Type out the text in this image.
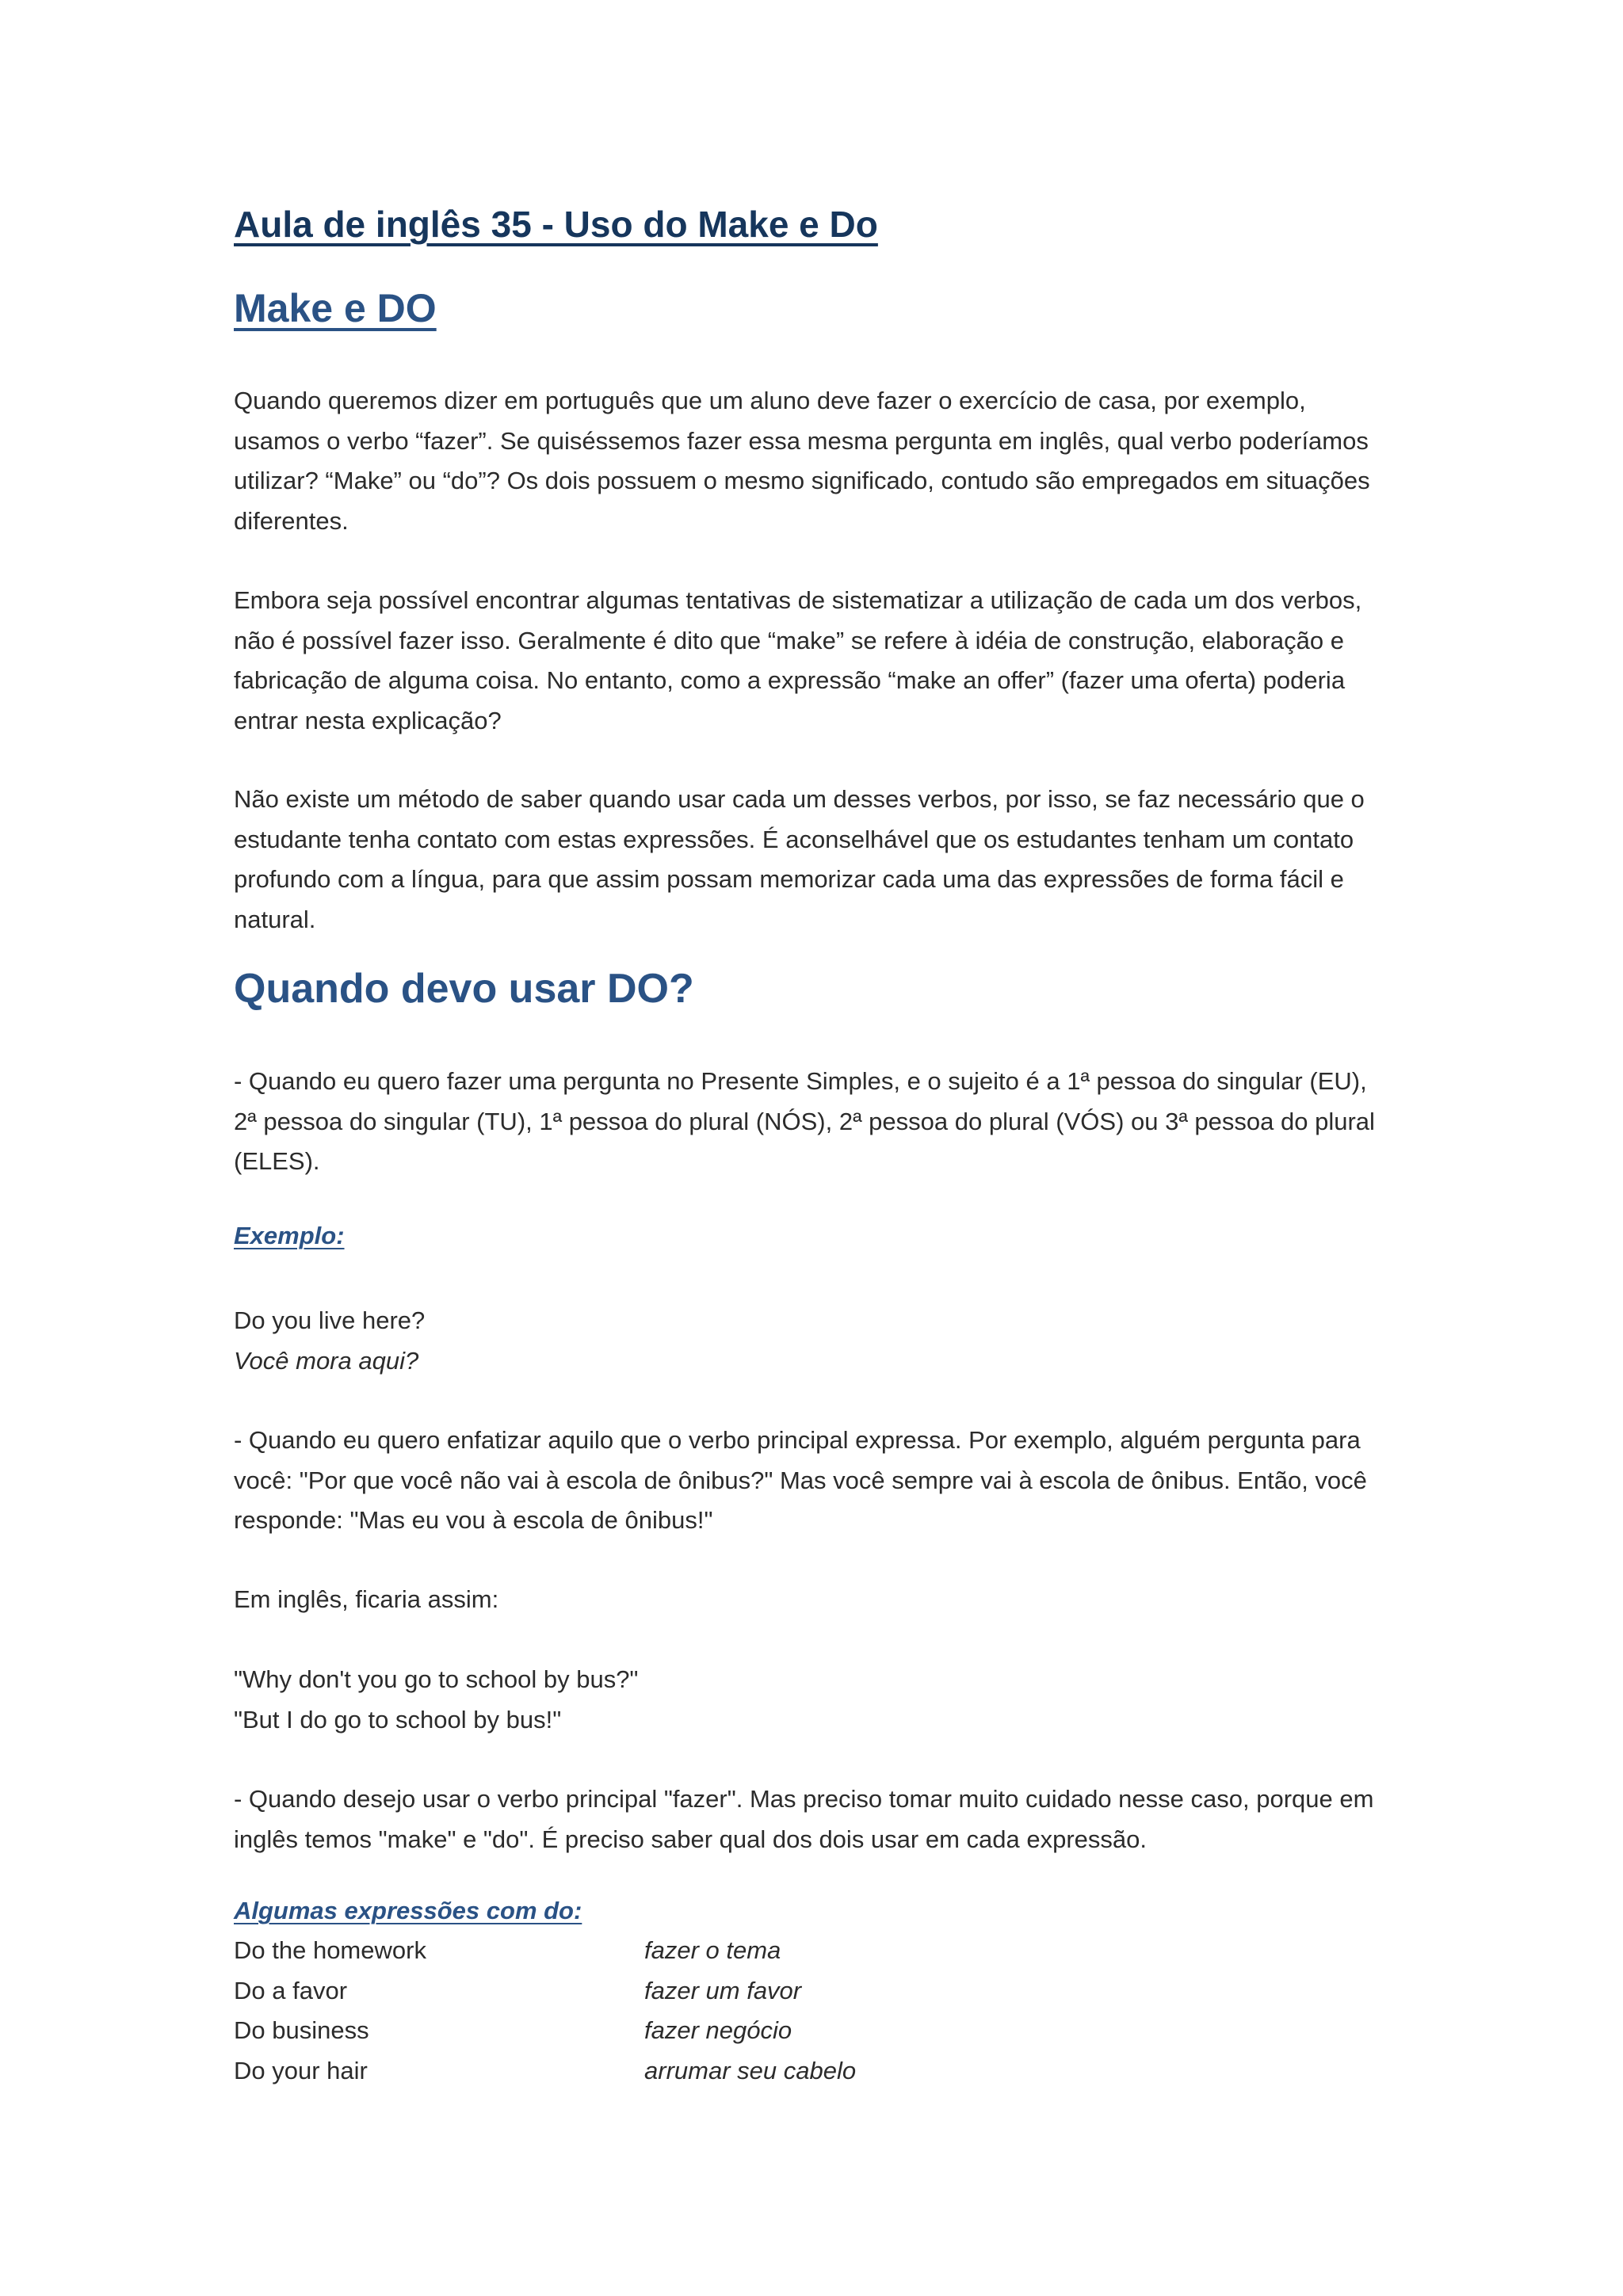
Aula de inglês 35 - Uso do Make e Do
Make e DO

Quando queremos dizer em português que um aluno deve fazer o exercício de casa, por exemplo,
usamos o verbo “fazer”. Se quiséssemos fazer essa mesma pergunta em inglês, qual verbo poderíamos
utilizar? “Make” ou “do”? Os dois possuem o mesmo significado, contudo são empregados em situações
diferentes.

Embora seja possível encontrar algumas tentativas de sistematizar a utilização de cada um dos verbos,
não é possível fazer isso. Geralmente é dito que “make” se refere à idéia de construção, elaboração e
fabricação de alguma coisa. No entanto, como a expressão “make an offer” (fazer uma oferta) poderia
entrar nesta explicação?

Não existe um método de saber quando usar cada um desses verbos, por isso, se faz necessário que o
estudante tenha contato com estas expressões. É aconselhável que os estudantes tenham um contato
profundo com a língua, para que assim possam memorizar cada uma das expressões de forma fácil e
natural.

Quando devo usar DO?

- Quando eu quero fazer uma pergunta no Presente Simples, e o sujeito é a 1ª pessoa do singular (EU),
2ª pessoa do singular (TU), 1ª pessoa do plural (NÓS), 2ª pessoa do plural (VÓS) ou 3ª pessoa do plural
(ELES).

Exemplo:

Do you live here?
Você mora aqui?

- Quando eu quero enfatizar aquilo que o verbo principal expressa. Por exemplo, alguém pergunta para
você: "Por que você não vai à escola de ônibus?" Mas você sempre vai à escola de ônibus. Então, você
responde: "Mas eu vou à escola de ônibus!"

Em inglês, ficaria assim:

"Why don't you go to school by bus?"
"But I do go to school by bus!"

- Quando desejo usar o verbo principal "fazer". Mas preciso tomar muito cuidado nesse caso, porque em
inglês temos "make" e "do". É preciso saber qual dos dois usar em cada expressão.

Algumas expressões com do:

Do the homework	fazer o tema
Do a favor	fazer um favor
Do business	fazer negócio
Do your hair	arrumar seu cabelo
